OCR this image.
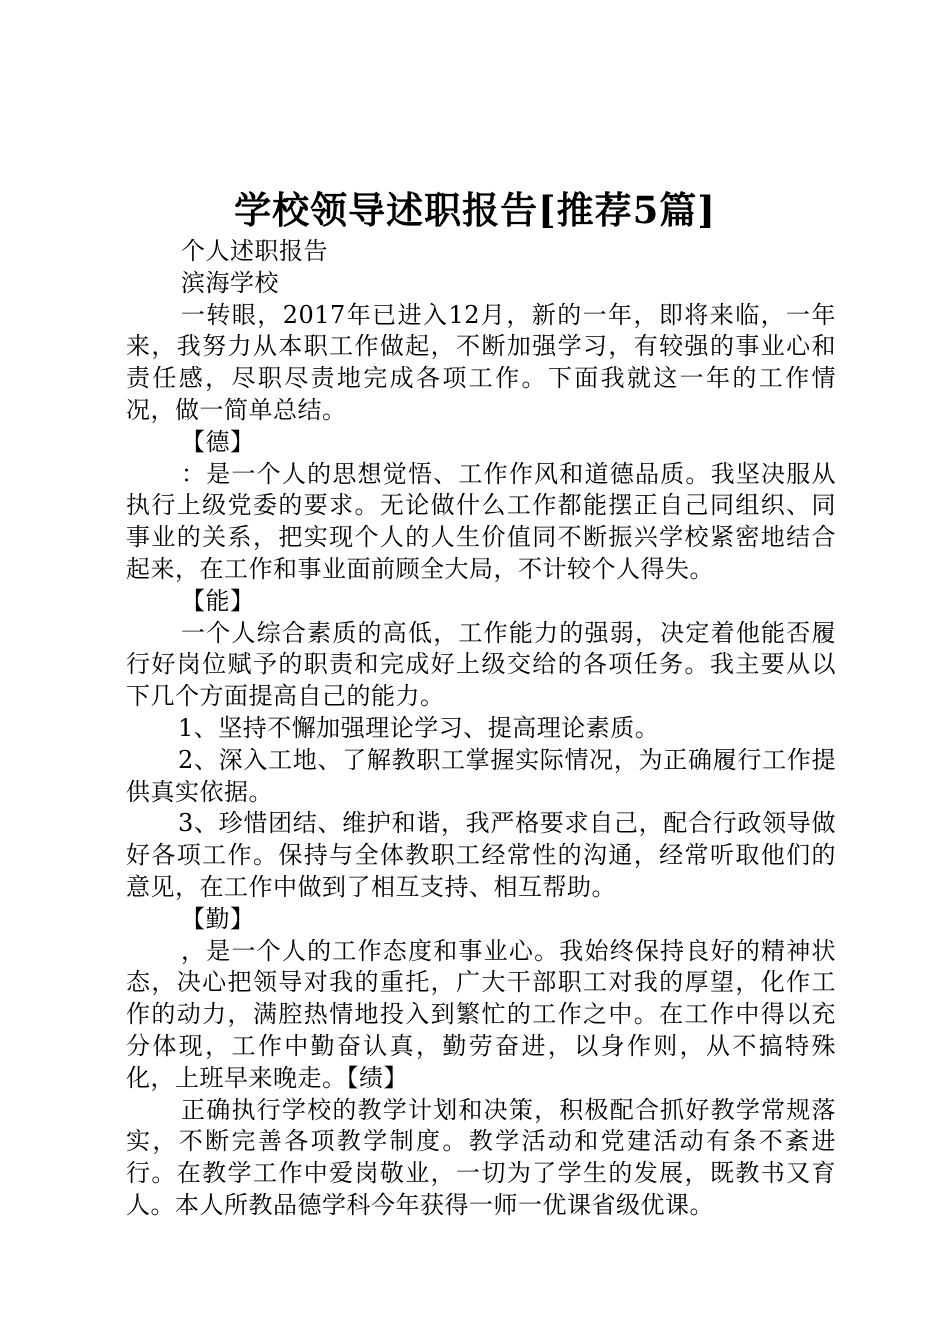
学校领导述职报告[推荐5篇]

个人述职报告

滨海学校

一转眼，2017年已进入12月，新的一年，即将来临，一年来，我努力从本职工作做起，不断加强学习，有较强的事业心和责任感，尽职尽责地完成各项工作。下面我就这一年的工作情况，做一简单总结。

【德】

：是一个人的思想觉悟、工作作风和道德品质。我坚决服从执行上级党委的要求。无论做什么工作都能摆正自己同组织、同事业的关系，把实现个人的人生价值同不断振兴学校紧密地结合起来，在工作和事业面前顾全大局，不计较个人得失。

【能】

一个人综合素质的高低，工作能力的强弱，决定着他能否履行好岗位赋予的职责和完成好上级交给的各项任务。我主要从以下几个方面提高自己的能力。

1、坚持不懈加强理论学习、提高理论素质。

2、深入工地、了解教职工掌握实际情况，为正确履行工作提供真实依据。

3、珍惜团结、维护和谐，我严格要求自己，配合行政领导做好各项工作。保持与全体教职工经常性的沟通，经常听取他们的意见，在工作中做到了相互支持、相互帮助。

【勤】

，是一个人的工作态度和事业心。我始终保持良好的精神状态，决心把领导对我的重托，广大干部职工对我的厚望，化作工作的动力，满腔热情地投入到繁忙的工作之中。在工作中得以充分体现，工作中勤奋认真，勤劳奋进，以身作则，从不搞特殊化，上班早来晚走。【绩】

正确执行学校的教学计划和决策，积极配合抓好教学常规落实，不断完善各项教学制度。教学活动和党建活动有条不紊进行。在教学工作中爱岗敬业，一切为了学生的发展，既教书又育人。本人所教品德学科今年获得一师一优课省级优课。
